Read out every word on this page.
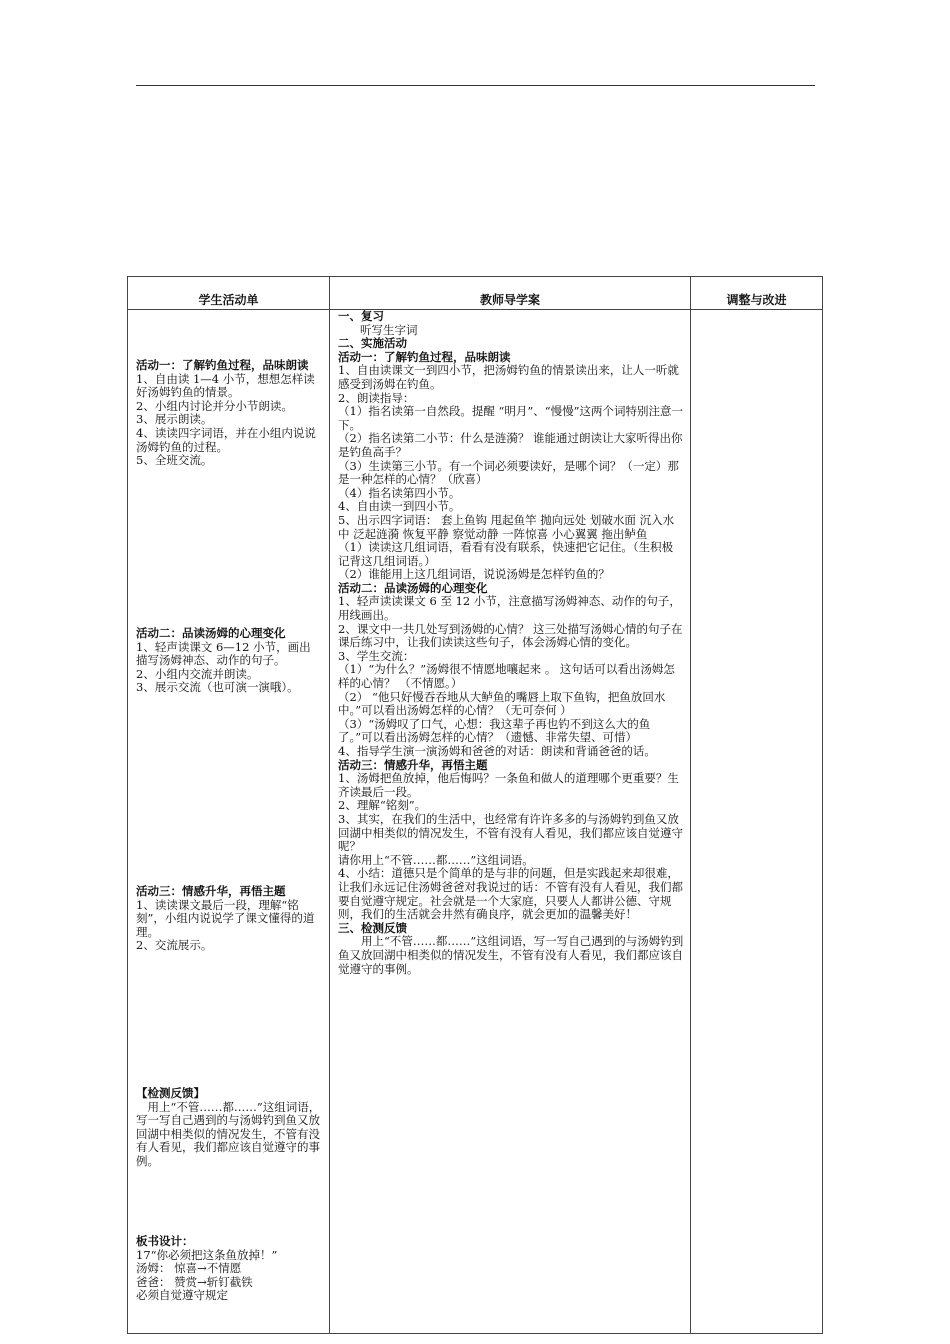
学生活动单	教师导学案	调整与改进

活动一：了解钓鱼过程，品味朗读

1、自由读 1—4 小节，想想怎样读好汤姆钓鱼的情景。

2、小组内讨论并分小节朗读。

3、展示朗读。

4、读读四字词语，并在小组内说说汤姆钓鱼的过程。

5、全班交流。

活动二：品读汤姆的心理变化

1、轻声读课文 6—12 小节，画出描写汤姆神态、动作的句子。

2、小组内交流并朗读。

3、展示交流（也可演一演哦）。

活动三：情感升华，再悟主题

1、读读课文最后一段，理解“铭刻”，小组内说说学了课文懂得的道理。

2、交流展示。

【检测反馈】

　用上“不管……都……”这组词语，写一写自己遇到的与汤姆钓到鱼又放回湖中相类似的情况发生，不管有没有人看见，我们都应该自觉遵守的事例。

板书设计：

17“你必须把这条鱼放掉！”

汤姆： 惊喜→不情愿

爸爸： 赞赏→斩钉截铁

必须自觉遵守规定

一、复习

听写生字词

二、实施活动

活动一：了解钓鱼过程，品味朗读

1、自由读课文一到四小节，把汤姆钓鱼的情景读出来，让人一听就感受到汤姆在钓鱼。

2、朗读指导：

（1）指名读第一自然段。提醒 “明月”、“慢慢”这两个词特别注意一下。

（2）指名读第二小节：什么是涟漪？ 谁能通过朗读让大家听得出你是钓鱼高手？

（3）生读第三小节。有一个词必须要读好，是哪个词？（一定）那是一种怎样的心情？（欣喜）

（4）指名读第四小节。

4、自由读一到四小节。

5、出示四字词语： 套上鱼钩 甩起鱼竿 抛向远处 划破水面 沉入水中 泛起涟漪 恢复平静 察觉动静 一阵惊喜 小心翼翼 拖出鲈鱼

（1）读读这几组词语，看看有没有联系，快速把它记住。（生积极记背这几组词语。）

（2）谁能用上这几组词语，说说汤姆是怎样钓鱼的？

活动二：品读汤姆的心理变化

1、轻声读读课文 6 至 12 小节，注意描写汤姆神态、动作的句子，用线画出。

2、课文中一共几处写到汤姆的心情？ 这三处描写汤姆心情的句子在课后练习中，让我们读读这些句子，体会汤姆心情的变化。

3、学生交流：

（1）“为什么？”汤姆很不情愿地嚷起来 。 这句话可以看出汤姆怎样的心情？ （不情愿。）

（2） “他只好慢吞吞地从大鲈鱼的嘴唇上取下鱼钩，把鱼放回水中。”可以看出汤姆怎样的心情？（无可奈何 ）

（3）“汤姆叹了口气，心想：我这辈子再也钓不到这么大的鱼了。”可以看出汤姆怎样的心情？（遗憾、非常失望、可惜）

4、指导学生演一演汤姆和爸爸的对话：朗读和背诵爸爸的话。

活动三：情感升华，再悟主题

1、汤姆把鱼放掉，他后悔吗？一条鱼和做人的道理哪个更重要？生齐读最后一段。

2、理解“铭刻”。

3、其实，在我们的生活中，也经常有许许多多的与汤姆钓到鱼又放回湖中相类似的情况发生，不管有没有人看见，我们都应该自觉遵守呢？

请你用上“不管……都……”这组词语。

4、小结：道德只是个简单的是与非的问题，但是实践起来却很难，让我们永远记住汤姆爸爸对我说过的话：不管有没有人看见，我们都要自觉遵守规定。社会就是一个大家庭，只要人人都讲公德、守规则，我们的生活就会井然有确良序，就会更加的温馨美好！

三、检测反馈

　　用上“不管……都……”这组词语，写一写自己遇到的与汤姆钓到鱼又放回湖中相类似的情况发生，不管有没有人看见，我们都应该自觉遵守的事例。
